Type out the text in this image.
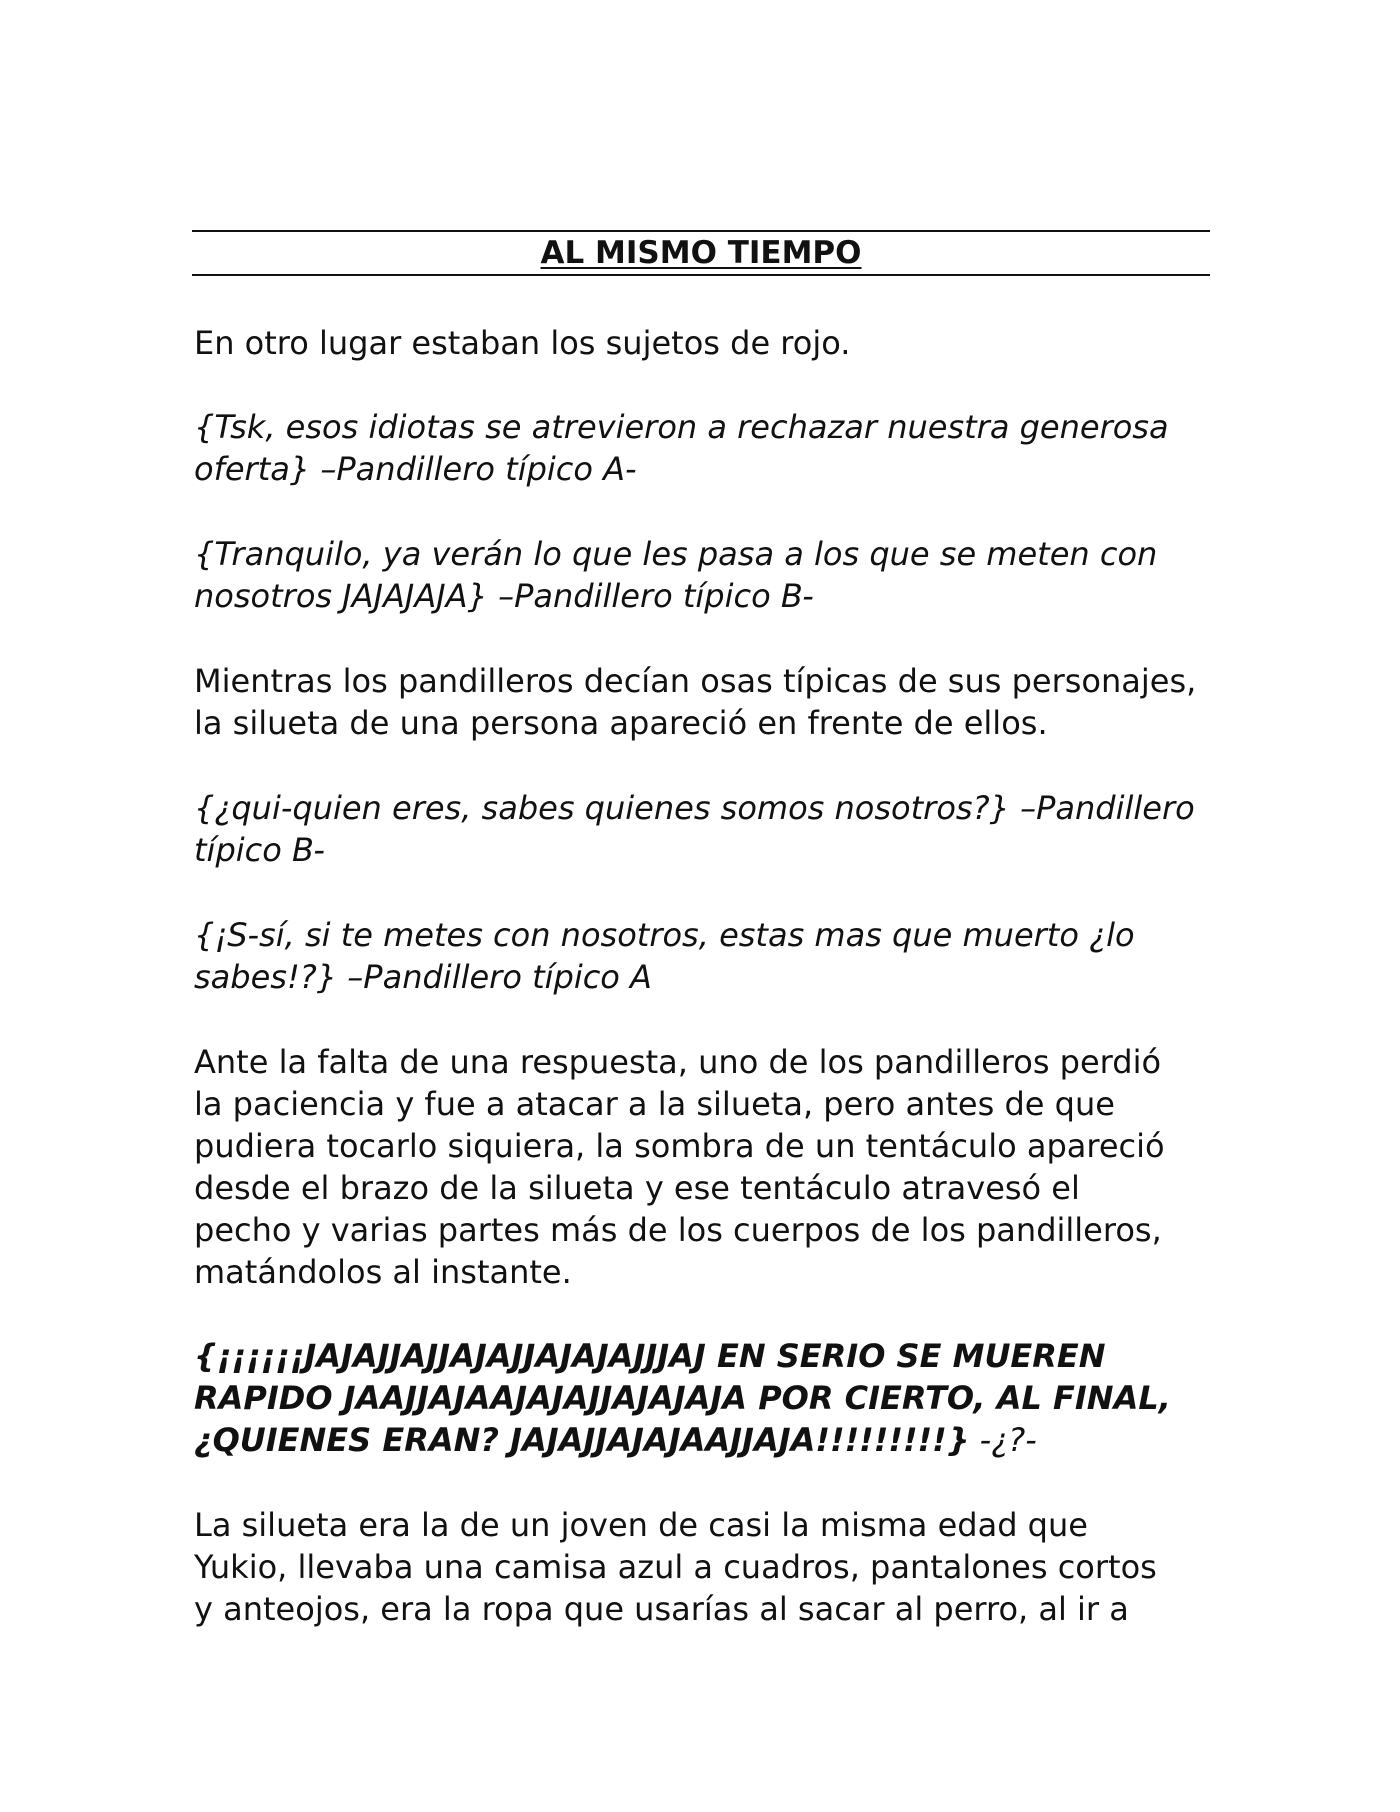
AL MISMO TIEMPO

En otro lugar estaban los sujetos de rojo.

{Tsk, esos idiotas se atrevieron a rechazar nuestra generosa
oferta} –Pandillero típico A-

{Tranquilo, ya verán lo que les pasa a los que se meten con
nosotros JAJAJAJA} –Pandillero típico B-

Mientras los pandilleros decían osas típicas de sus personajes,
la silueta de una persona apareció en frente de ellos.

{¿qui-quien eres, sabes quienes somos nosotros?} –Pandillero
típico B-

{¡S-sí, si te metes con nosotros, estas mas que muerto ¿lo
sabes!?} –Pandillero típico A

Ante la falta de una respuesta, uno de los pandilleros perdió
la paciencia y fue a atacar a la silueta, pero antes de que
pudiera tocarlo siquiera, la sombra de un tentáculo apareció
desde el brazo de la silueta y ese tentáculo atravesó el
pecho y varias partes más de los cuerpos de los pandilleros,
matándolos al instante.

{¡¡¡¡¡¡JAJAJJAJJAJAJJAJAJAJJJAJ EN SERIO SE MUEREN
RAPIDO JAAJJAJAAJAJAJJAJAJAJA POR CIERTO, AL FINAL,
¿QUIENES ERAN? JAJAJJAJAJAAJJAJA!!!!!!!!!} -¿?-

La silueta era la de un joven de casi la misma edad que
Yukio, llevaba una camisa azul a cuadros, pantalones cortos
y anteojos, era la ropa que usarías al sacar al perro, al ir a
